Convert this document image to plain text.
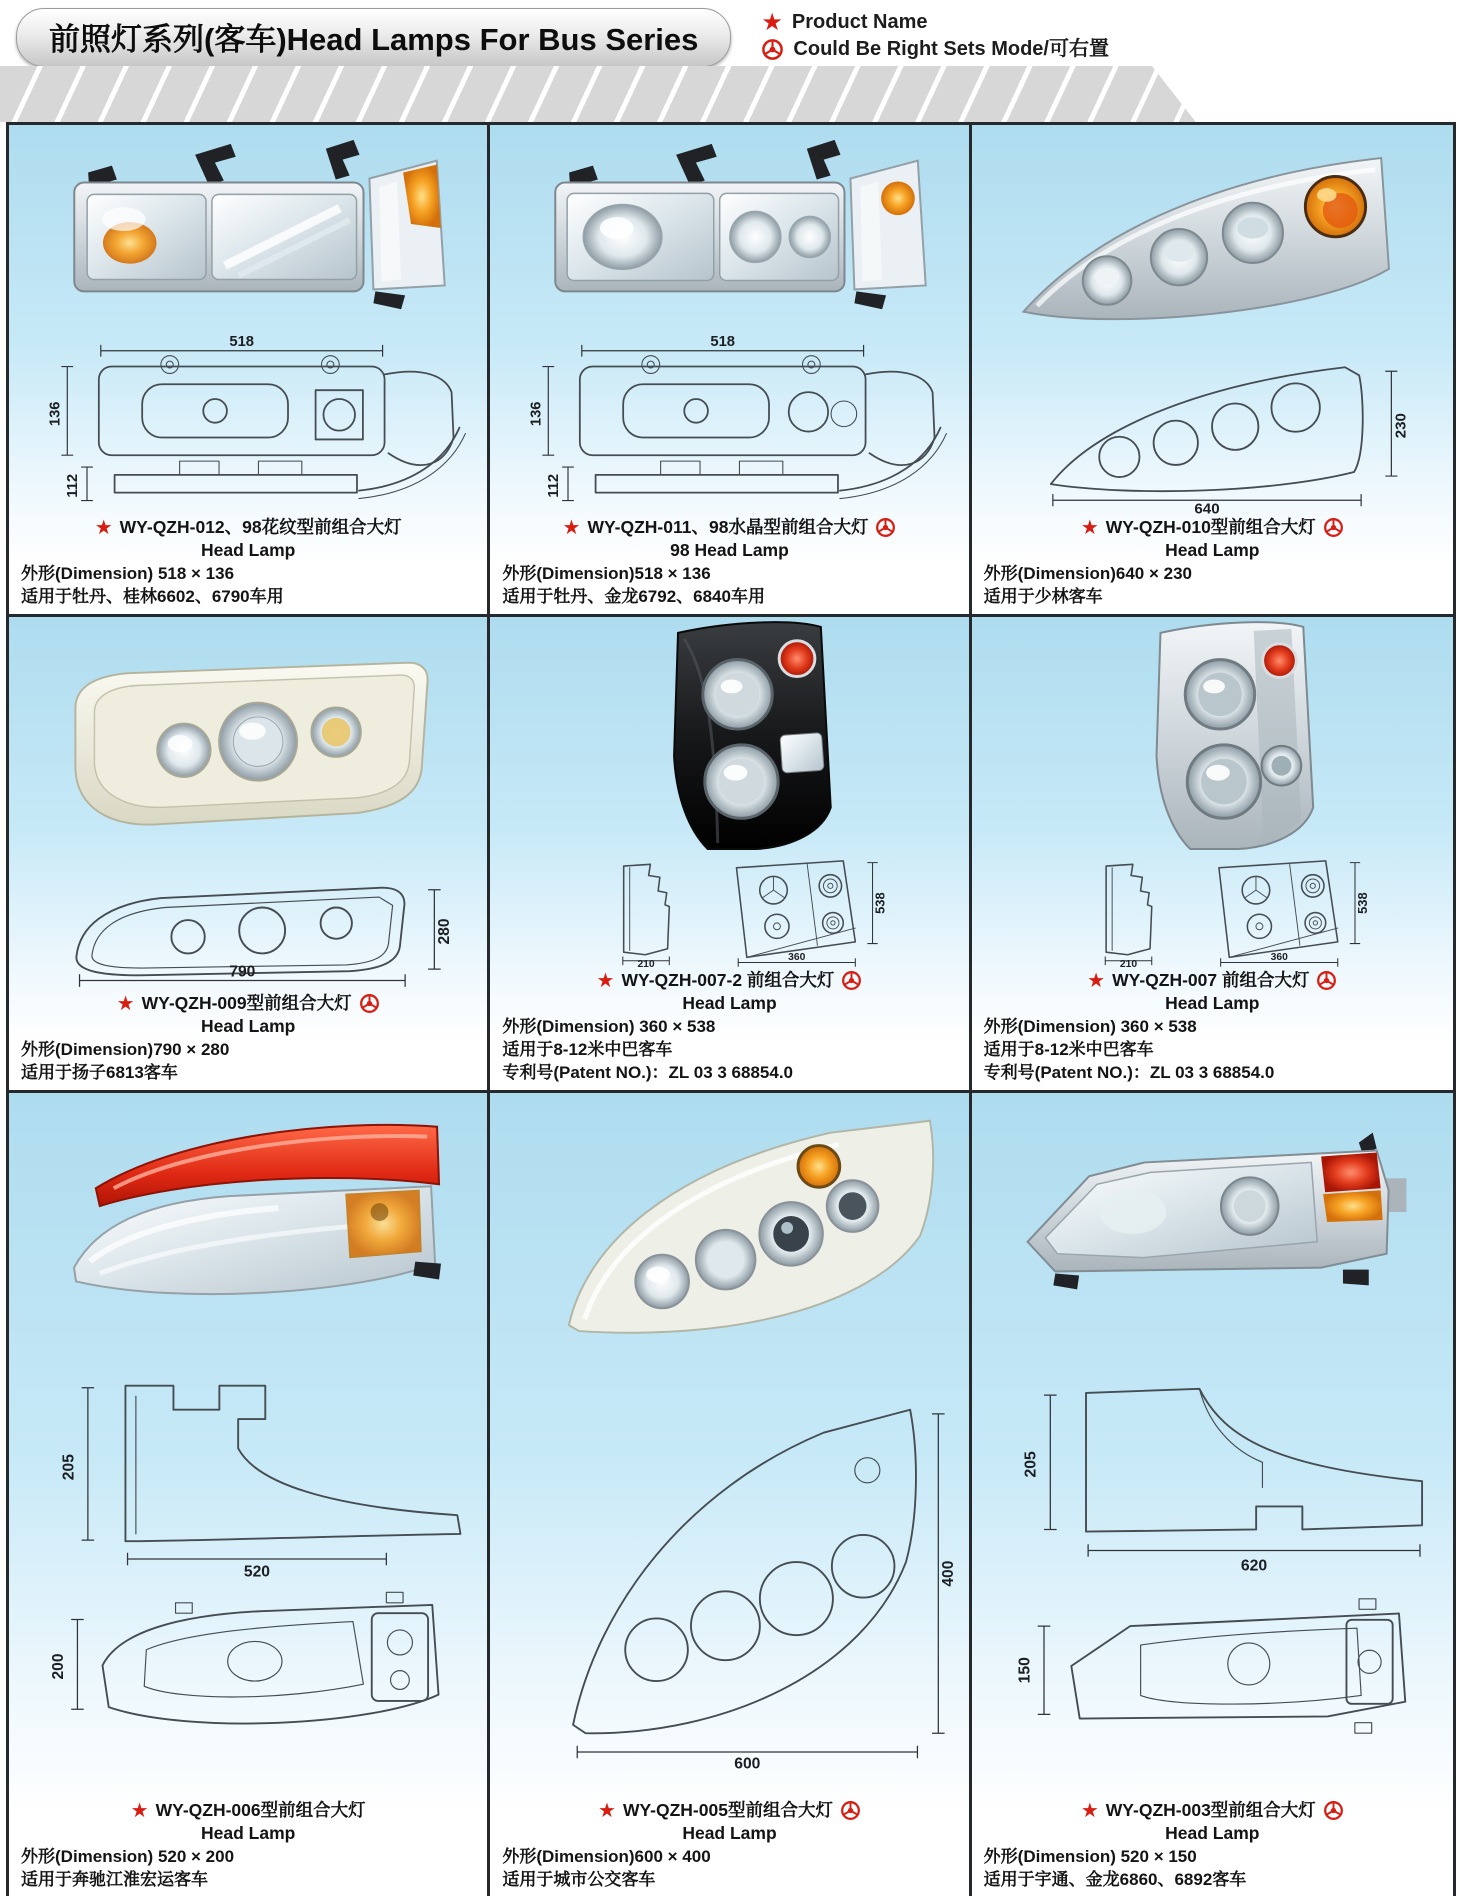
前照灯系列(客车)Head Lamps For Bus Series	★ Product Name
Could Be Right Sets Mode/可右置
518
136
112
★ WY-QZH-012、98花纹型前组合大灯
Head Lamp
外形(Dimension) 518 × 136
适用于牡丹、桂林6602、6790车用
518
136
112
★ WY-QZH-011、98水晶型前组合大灯
98 Head Lamp
外形(Dimension)518 × 136
适用于牡丹、金龙6792、6840车用
230
640
★ WY-QZH-010型前组合大灯
Head Lamp
外形(Dimension)640 × 230
适用于少林客车
280
790
★ WY-QZH-009型前组合大灯
Head Lamp
外形(Dimension)790 × 280
适用于扬子6813客车
210
538
360
★ WY-QZH-007-2 前组合大灯
Head Lamp
外形(Dimension) 360 × 538
适用于8-12米中巴客车
专利号(Patent NO.)：ZL 03 3 68854.0
210
538
360
★ WY-QZH-007 前组合大灯
Head Lamp
外形(Dimension) 360 × 538
适用于8-12米中巴客车
专利号(Patent NO.)：ZL 03 3 68854.0
205
520
200
★ WY-QZH-006型前组合大灯
Head Lamp
外形(Dimension) 520 × 200
适用于奔驰江淮宏运客车
400
600
★ WY-QZH-005型前组合大灯
Head Lamp
外形(Dimension)600 × 400
适用于城市公交客车
205
620
150
★ WY-QZH-003型前组合大灯
Head Lamp
外形(Dimension) 520 × 150
适用于宇通、金龙6860、6892客车
